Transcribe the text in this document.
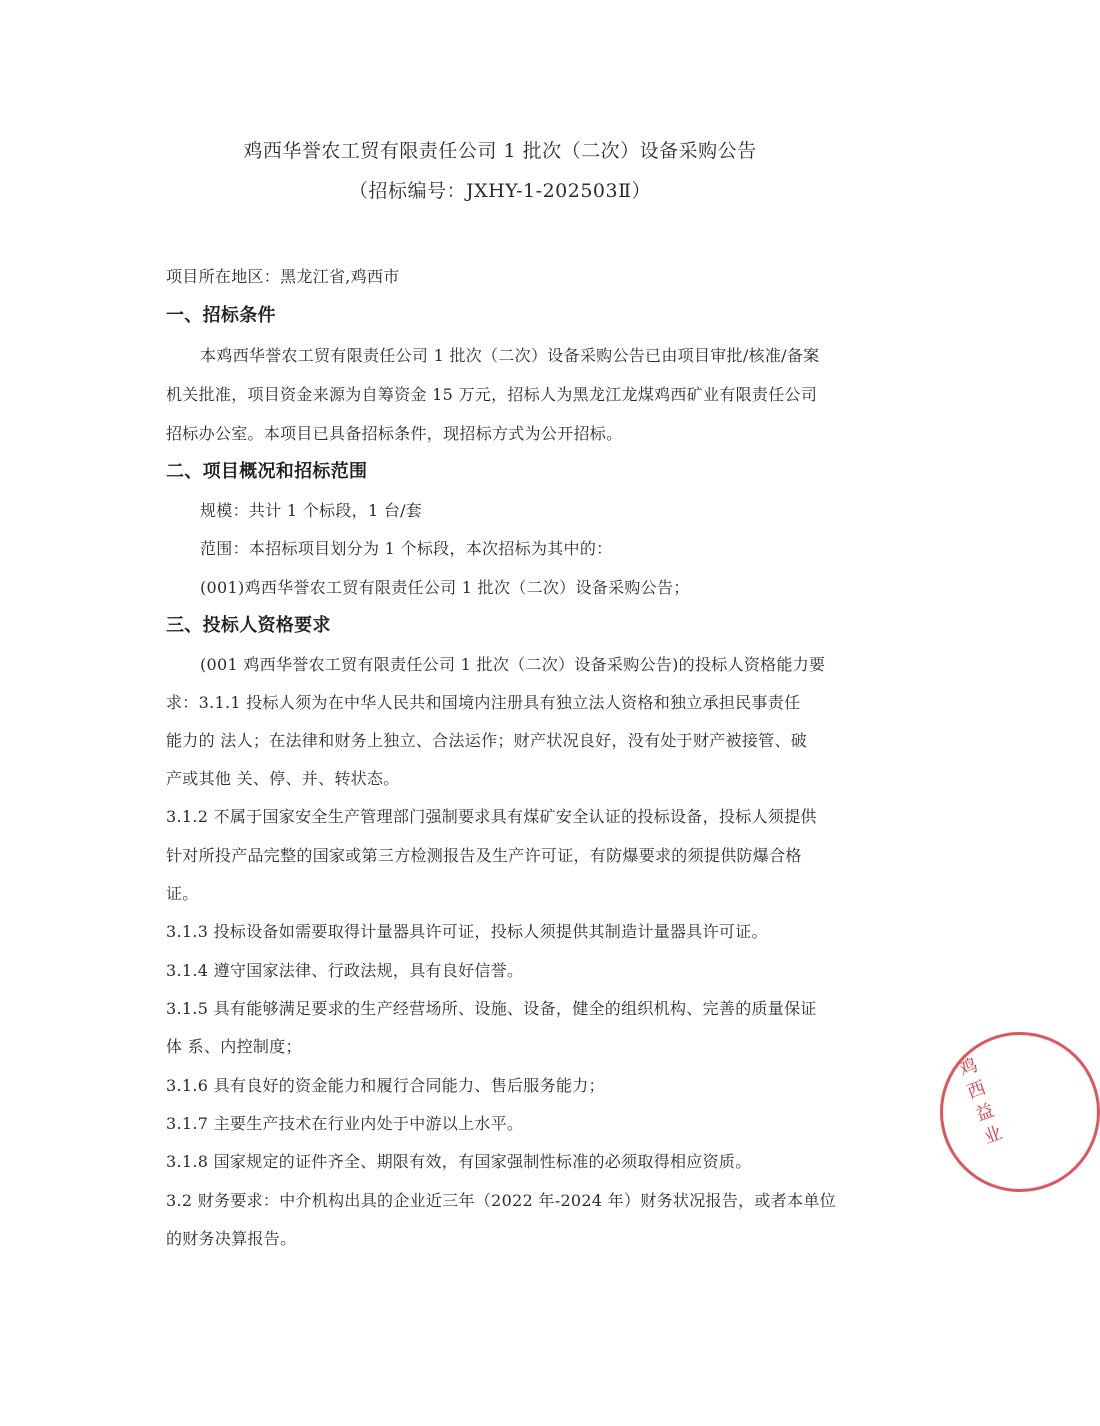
鸡西华誉农工贸有限责任公司 1 批次（二次）设备采购公告
（招标编号：JXHY-1-202503Ⅱ）
项目所在地区：黑龙江省,鸡西市
一、招标条件
本鸡西华誉农工贸有限责任公司 1 批次（二次）设备采购公告已由项目审批/核准/备案
机关批准，项目资金来源为自筹资金 15 万元，招标人为黑龙江龙煤鸡西矿业有限责任公司
招标办公室。本项目已具备招标条件，现招标方式为公开招标。
二、项目概况和招标范围
规模：共计 1 个标段，1 台/套
范围：本招标项目划分为 1 个标段，本次招标为其中的：
(001)鸡西华誉农工贸有限责任公司 1 批次（二次）设备采购公告；
三、投标人资格要求
(001 鸡西华誉农工贸有限责任公司 1 批次（二次）设备采购公告)的投标人资格能力要
求：3.1.1 投标人须为在中华人民共和国境内注册具有独立法人资格和独立承担民事责任
能力的 法人；在法律和财务上独立、合法运作；财产状况良好，没有处于财产被接管、破
产或其他 关、停、并、转状态。
3.1.2 不属于国家安全生产管理部门强制要求具有煤矿安全认证的投标设备，投标人须提供
针对所投产品完整的国家或第三方检测报告及生产许可证，有防爆要求的须提供防爆合格
证。
3.1.3 投标设备如需要取得计量器具许可证，投标人须提供其制造计量器具许可证。
3.1.4 遵守国家法律、行政法规，具有良好信誉。
3.1.5 具有能够满足要求的生产经营场所、设施、设备，健全的组织机构、完善的质量保证
体 系、内控制度；
3.1.6 具有良好的资金能力和履行合同能力、售后服务能力；
3.1.7 主要生产技术在行业内处于中游以上水平。
3.1.8 国家规定的证件齐全、期限有效，有国家强制性标准的必须取得相应资质。
3.2 财务要求：中介机构出具的企业近三年（2022 年-2024 年）财务状况报告，或者本单位
的财务决算报告。
鸡西益业
